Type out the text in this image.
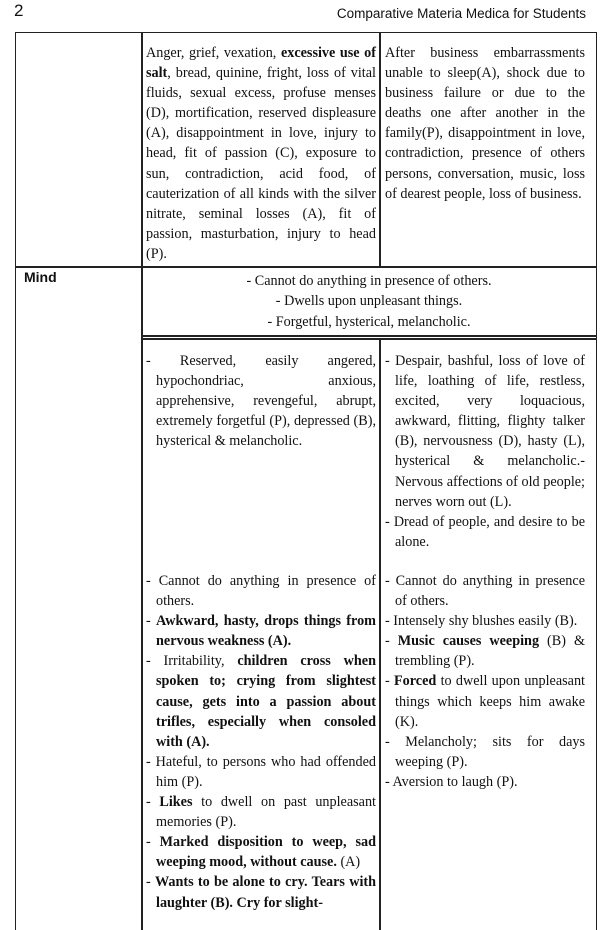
2	Comparative Materia Medica for Students

Anger, grief, vexation, excessive use of salt, bread, quinine, fright, loss of vital fluids, sexual excess, profuse menses (D), mortification, reserved displeasure (A), disappointment in love, injury to head, fit of passion (C), exposure to sun, contradiction, acid food, of cauterization of all kinds with the silver nitrate, seminal losses (A), fit of passion, masturbation, injury to head (P).

After business embarrassments unable to sleep(A), shock due to business failure or due to the deaths one after another in the family(P), disappointment in love, contradiction, presence of others persons, conversation, music, loss of dearest people, loss of business.

Mind	- Cannot do anything in presence of others.

- Dwells upon unpleasant things.

- Forgetful, hysterical, melancholic.

- Reserved, easily angered, hypochondriac, anxious, apprehensive, revengeful, abrupt, extremely forgetful (P), depressed (B), hysterical & melancholic.

- Despair, bashful, loss of love of life, loathing of life, restless, excited, very loquacious, awkward, flitting, flighty talker (B), nervousness (D), hasty (L), hysterical & melancholic.- Nervous affections of old people; nerves worn out (L).

- Dread of people, and desire to be alone.

- Cannot do anything in presence of others.

- Awkward, hasty, drops things from nervous weakness (A).

- Irritability, children cross when spoken to; crying from slightest cause, gets into a passion about trifles, especially when consoled with (A).

- Hateful, to persons who had offended him (P).

- Likes to dwell on past unpleasant memories (P).

- Marked disposition to weep, sad weeping mood, without cause. (A)

- Wants to be alone to cry. Tears with laughter (B). Cry for slight-

- Cannot do anything in presence of others.

- Intensely shy blushes easily (B).

- Music causes weeping (B) & trembling (P).

- Forced to dwell upon unpleasant things which keeps him awake (K).

- Melancholy; sits for days weeping (P).

- Aversion to laugh (P).
